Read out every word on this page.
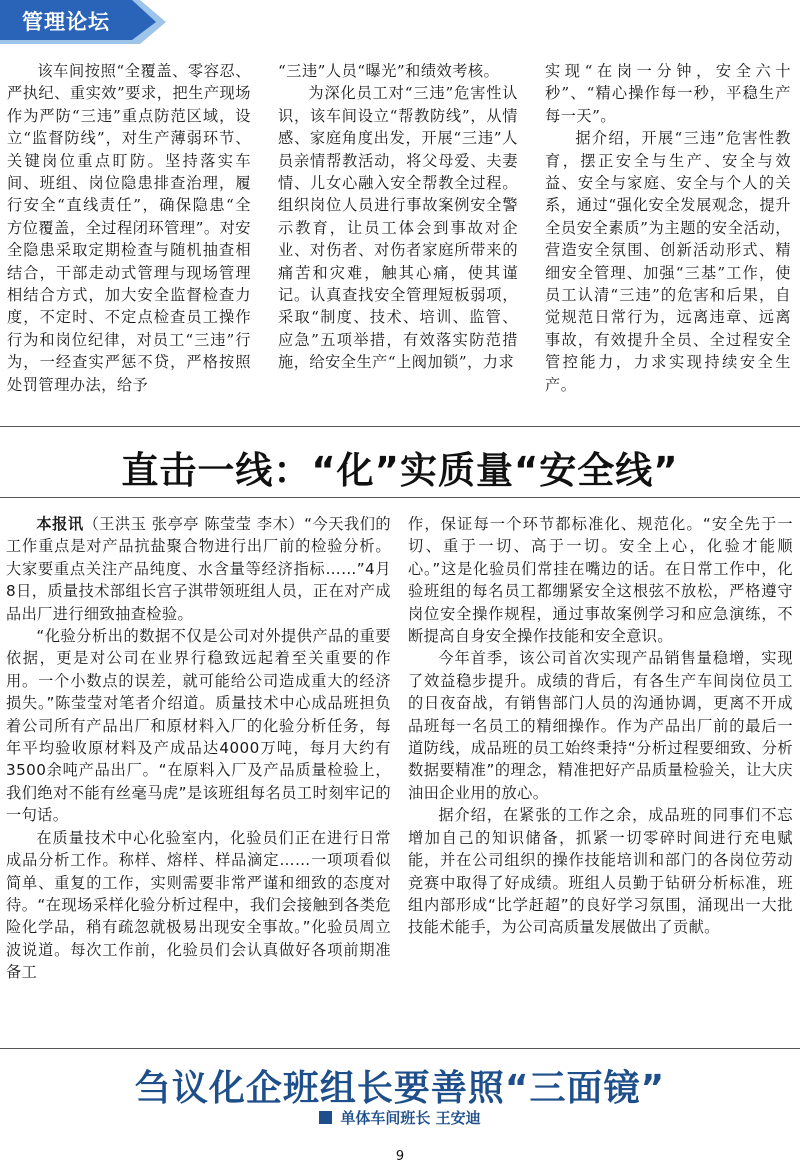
管理论坛

该车间按照“全覆盖、零容忍、严执纪、重实效”要求，把生产现场作为严防“三违”重点防范区域，设立“监督防线”，对生产薄弱环节、关键岗位重点盯防。坚持落实车间、班组、岗位隐患排查治理，履行安全“直线责任”，确保隐患“全方位覆盖，全过程闭环管理”。对安全隐患采取定期检查与随机抽查相结合，干部走动式管理与现场管理相结合方式，加大安全监督检查力度，不定时、不定点检查员工操作行为和岗位纪律，对员工“三违”行为，一经查实严惩不贷，严格按照处罚管理办法，给予

“三违”人员“曝光”和绩效考核。

为深化员工对“三违”危害性认识，该车间设立“帮教防线”，从情感、家庭角度出发，开展“三违”人员亲情帮教活动，将父母爱、夫妻情、儿女心融入安全帮教全过程。组织岗位人员进行事故案例安全警示教育，让员工体会到事故对企业、对伤者、对伤者家庭所带来的痛苦和灾难，触其心痛，使其谨记。认真查找安全管理短板弱项，采取“制度、技术、培训、监管、应急”五项举措，有效落实防范措施，给安全生产“上阀加锁”，力求

实现“在岗一分钟，安全六十秒”、“精心操作每一秒，平稳生产每一天”。

据介绍，开展“三违”危害性教育，摆正安全与生产、安全与效益、安全与家庭、安全与个人的关系，通过“强化安全发展观念，提升全员安全素质”为主题的安全活动，营造安全氛围、创新活动形式、精细安全管理、加强“三基”工作，使员工认清“三违”的危害和后果，自觉规范日常行为，远离违章、远离事故，有效提升全员、全过程安全管控能力，力求实现持续安全生产。

直击一线：“化”实质量“安全线”

本报讯（王洪玉 张亭亭 陈莹莹 李木）“今天我们的工作重点是对产品抗盐聚合物进行出厂前的检验分析。大家要重点关注产品纯度、水含量等经济指标……”4月8日，质量技术部组长宫子淇带领班组人员，正在对产成品出厂进行细致抽查检验。

“化验分析出的数据不仅是公司对外提供产品的重要依据，更是对公司在业界行稳致远起着至关重要的作用。一个小数点的误差，就可能给公司造成重大的经济损失。”陈莹莹对笔者介绍道。质量技术中心成品班担负着公司所有产品出厂和原材料入厂的化验分析任务，每年平均验收原材料及产成品达4000万吨，每月大约有3500余吨产品出厂。“在原料入厂及产品质量检验上，我们绝对不能有丝毫马虎”是该班组每名员工时刻牢记的一句话。

在质量技术中心化验室内，化验员们正在进行日常成品分析工作。称样、熔样、样品滴定……一项项看似简单、重复的工作，实则需要非常严谨和细致的态度对待。“在现场采样化验分析过程中，我们会接触到各类危险化学品，稍有疏忽就极易出现安全事故。”化验员周立波说道。每次工作前，化验员们会认真做好各项前期准备工

作，保证每一个环节都标准化、规范化。“安全先于一切、重于一切、高于一切。安全上心，化验才能顺心。”这是化验员们常挂在嘴边的话。在日常工作中，化验班组的每名员工都绷紧安全这根弦不放松，严格遵守岗位安全操作规程，通过事故案例学习和应急演练，不断提高自身安全操作技能和安全意识。

今年首季，该公司首次实现产品销售量稳增，实现了效益稳步提升。成绩的背后，有各生产车间岗位员工的日夜奋战，有销售部门人员的沟通协调，更离不开成品班每一名员工的精细操作。作为产品出厂前的最后一道防线，成品班的员工始终秉持“分析过程要细致、分析数据要精准”的理念，精准把好产品质量检验关，让大庆油田企业用的放心。

据介绍，在紧张的工作之余，成品班的同事们不忘增加自己的知识储备，抓紧一切零碎时间进行充电赋能，并在公司组织的操作技能培训和部门的各岗位劳动竞赛中取得了好成绩。班组人员勤于钻研分析标准，班组内部形成“比学赶超”的良好学习氛围，涌现出一大批技能术能手，为公司高质量发展做出了贡献。

刍议化企班组长要善照“三面镜”
单体车间班长 王安迪
9
